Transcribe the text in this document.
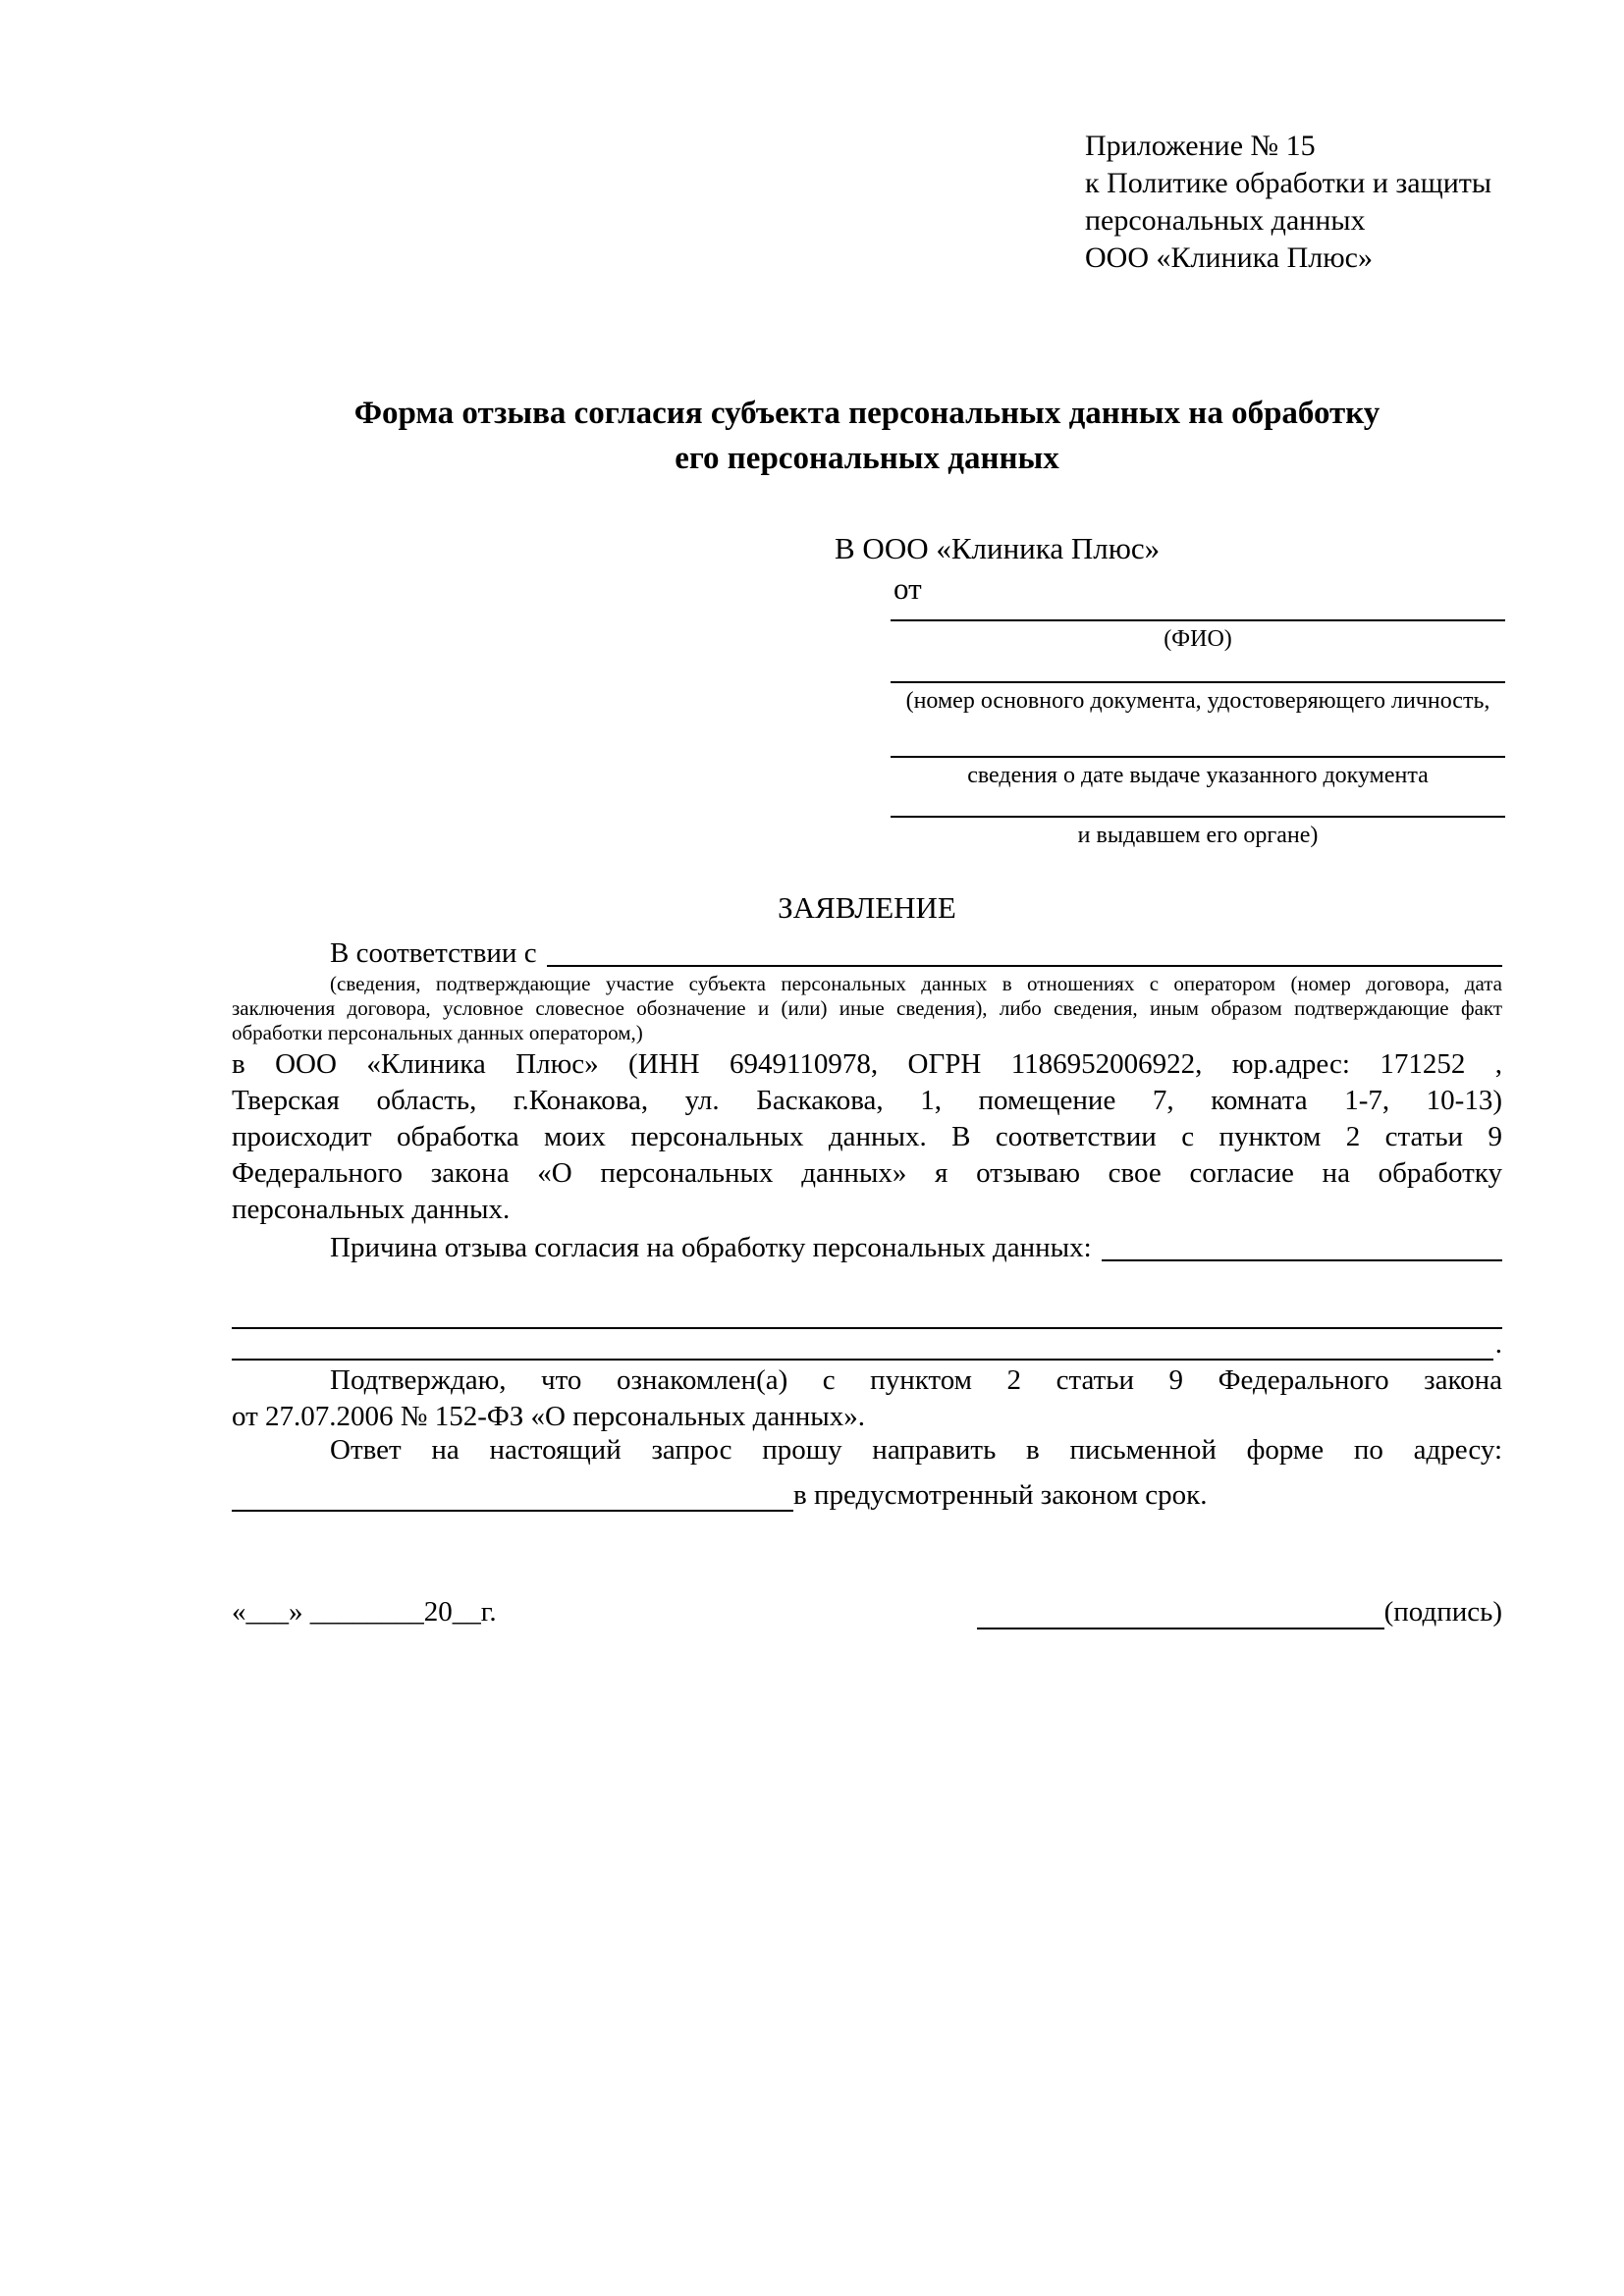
Приложение № 15
к Политике обработки и защиты
персональных данных
ООО «Клиника Плюс»
Форма отзыва согласия субъекта персональных данных на обработку
его персональных данных
В ООО «Клиника Плюс»
от
(ФИО)
(номер основного документа, удостоверяющего личность,
сведения о дате выдаче указанного документа
и выдавшем его органе)
ЗАЯВЛЕНИЕ
В соответствии с
(сведения, подтверждающие участие субъекта персональных данных в отношениях с оператором (номер договора, дата
заключения договора, условное словесное обозначение и (или) иные сведения), либо сведения, иным образом подтверждающие факт
обработки персональных данных оператором,)
в ООО «Клиника Плюс» (ИНН 6949110978, ОГРН 1186952006922, юр.адрес: 171252 ,
Тверская область, г.Конакова, ул. Баскакова, 1, помещение 7, комната 1-7, 10-13)
происходит обработка моих персональных данных. В соответствии с пунктом 2 статьи 9
Федерального закона «О персональных данных» я отзываю свое согласие на обработку
персональных данных.
Причина отзыва согласия на обработку персональных данных:
.
Подтверждаю, что ознакомлен(а) с пунктом 2 статьи 9 Федерального закона
от 27.07.2006 № 152-ФЗ «О персональных данных».
Ответ на настоящий запрос прошу направить в письменной форме по адресу:
в предусмотренный законом срок.
«___» ________20__г.	(подпись)
